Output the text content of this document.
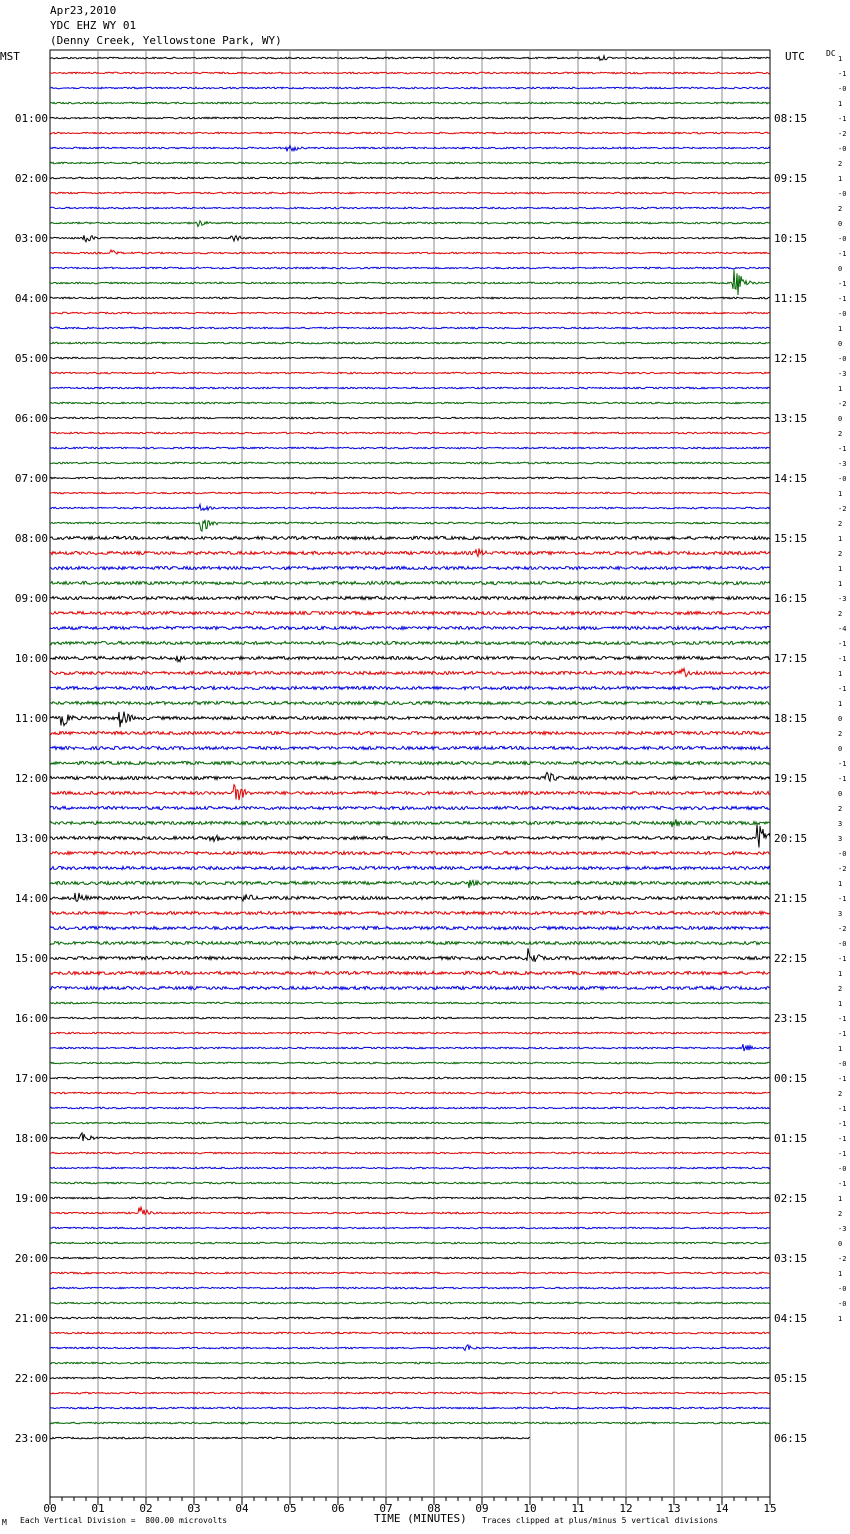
1
-1
-0
1
-1
-2
-0
2
1
-0
2
0
-0
-1
0
-1
-1
-0
1
0
-0
-3
1
-2
0
2
-1
-3
-0
1
-2
2
1
2
1
1
-3
2
-4
-1
-1
1
-1
1
0
2
0
-1
-1
0
2
3
3
-0
-2
1
-1
3
-2
-0
-1
1
2
1
-1
-1
1
-0
-1
2
-1
-1
-1
-1
-0
-1
1
2
-3
0
-2
1
-0
-0
1
01:00	08:15
02:00	09:15
03:00	10:15
04:00	11:15
05:00	12:15
06:00	13:15
07:00	14:15
08:00	15:15
09:00	16:15
10:00	17:15
11:00	18:15
12:00	19:15
13:00	20:15
14:00	21:15
15:00	22:15
16:00	23:15
17:00	00:15
18:00	01:15
19:00	02:15
20:00	03:15
21:00	04:15
22:00	05:15
23:00	06:15
00	01	02	03	04	05	06	07	08	09	10	11	12	13	14	15
Apr23,2010
YDC EHZ WY 01
(Denny Creek, Yellowstone Park, WY)
MST	UTC	DC
M Each Vertical Division =  800.00 microvolts	TIME (MINUTES) Traces clipped at plus/minus 5 vertical divisions
